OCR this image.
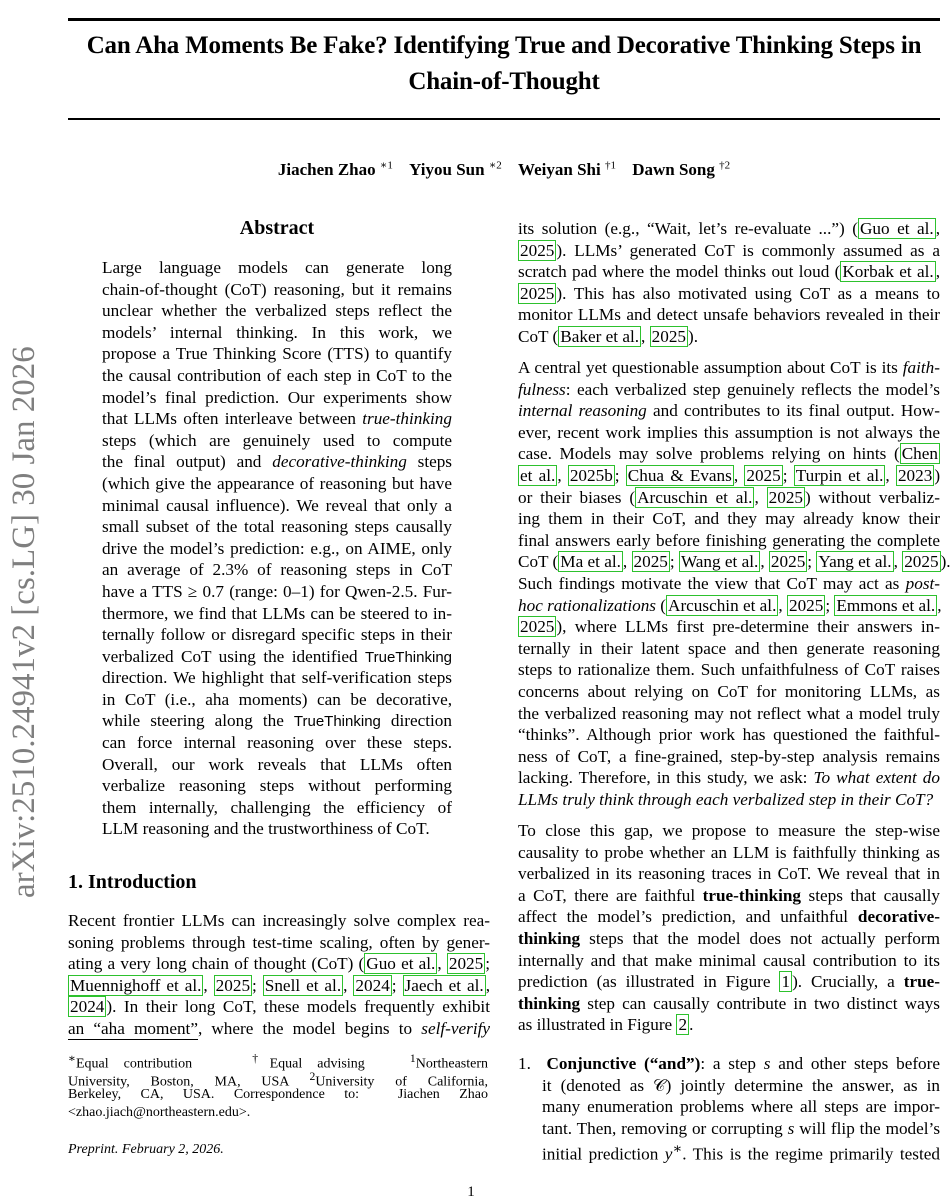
Can Aha Moments Be Fake? Identifying True and Decorative Thinking Steps in
Chain-of-Thought
Jiachen Zhao $^{∗1}$ Yiyou Sun $^{∗2}$ Weiyan Shi $^{\dagger 1}$ Dawn Song $^{\dagger 2}$
arXiv:2510.24941v2 [cs.LG] 30 Jan 2026
Abstract
Large language models can generate long
chain-of-thought (CoT) reasoning, but it remains
unclear whether the verbalized steps reflect the
models’ internal thinking. In this work, we
propose a True Thinking Score (TTS) to quantify
the causal contribution of each step in CoT to the
model’s final prediction. Our experiments show
that LLMs often interleave between true-thinking
steps (which are genuinely used to compute
the final output) and decorative-thinking steps
(which give the appearance of reasoning but have
minimal causal influence). We reveal that only a
small subset of the total reasoning steps causally
drive the model’s prediction: e.g., on AIME, only
an average of 2.3% of reasoning steps in CoT
have a TTS ≥ 0.7 (range: 0–1) for Qwen-2.5. Fur-
thermore, we find that LLMs can be steered to in-
ternally follow or disregard specific steps in their
verbalized CoT using the identified TrueThinking
direction. We highlight that self-verification steps
in CoT (i.e., aha moments) can be decorative,
while steering along the TrueThinking direction
can force internal reasoning over these steps.
Overall, our work reveals that LLMs often
verbalize reasoning steps without performing
them internally, challenging the efficiency of
LLM reasoning and the trustworthiness of CoT.
1. Introduction
Recent frontier LLMs can increasingly solve complex rea-
soning problems through test-time scaling, often by gener-
ating a very long chain of thought (CoT) ( Guo et al. , 2025 ;
Muennighoff et al. , 2025 ; Snell et al. , 2024 ; Jaech et al. ,
2024 ). In their long CoT, these models frequently exhibit
an “aha moment”, where the model begins to self-verify
∗Equal contribution    †Equal advising   $^1$Northeastern
University, Boston, MA, USA $^2$University of California,
Berkeley, CA, USA. Correspondence to:  Jiachen Zhao
<zhao.jiach@northeastern.edu>.
Preprint. February 2, 2026.
its solution (e.g., “Wait, let’s re-evaluate ...”) ( Guo et al. ,
2025 ). LLMs’ generated CoT is commonly assumed as a
scratch pad where the model thinks out loud ( Korbak et al. ,
2025 ). This has also motivated using CoT as a means to
monitor LLMs and detect unsafe behaviors revealed in their
CoT ( Baker et al. , 2025 ).
A central yet questionable assumption about CoT is its faith-
fulness: each verbalized step genuinely reflects the model’s
internal reasoning and contributes to its final output. How-
ever, recent work implies this assumption is not always the
case. Models may solve problems relying on hints ( Chen
et al. , 2025b ; Chua & Evans , 2025 ; Turpin et al. , 2023 )
or their biases ( Arcuschin et al. , 2025 ) without verbaliz-
ing them in their CoT, and they may already know their
final answers early before finishing generating the complete
CoT ( Ma et al. , 2025 ; Wang et al. , 2025 ; Yang et al. , 2025 ).
Such findings motivate the view that CoT may act as post-
hoc rationalizations ( Arcuschin et al. , 2025 ; Emmons et al. ,
2025 ), where LLMs first pre-determine their answers in-
ternally in their latent space and then generate reasoning
steps to rationalize them. Such unfaithfulness of CoT raises
concerns about relying on CoT for monitoring LLMs, as
the verbalized reasoning may not reflect what a model truly
“thinks”. Although prior work has questioned the faithful-
ness of CoT, a fine-grained, step-by-step analysis remains
lacking. Therefore, in this study, we ask: To what extent do
LLMs truly think through each verbalized step in their CoT?
To close this gap, we propose to measure the step-wise
causality to probe whether an LLM is faithfully thinking as
verbalized in its reasoning traces in CoT. We reveal that in
a CoT, there are faithful true-thinking steps that causally
affect the model’s prediction, and unfaithful decorative-
thinking steps that the model does not actually perform
internally and that make minimal causal contribution to its
prediction (as illustrated in Figure 1 ). Crucially, a true-
thinking step can causally contribute in two distinct ways
as illustrated in Figure 2 .
1.  Conjunctive (“and”): a step s and other steps before
it (denoted as 𝒞) jointly determine the answer, as in
many enumeration problems where all steps are impor-
tant. Then, removing or corrupting s will flip the model’s
initial prediction y∗. This is the regime primarily tested
1
